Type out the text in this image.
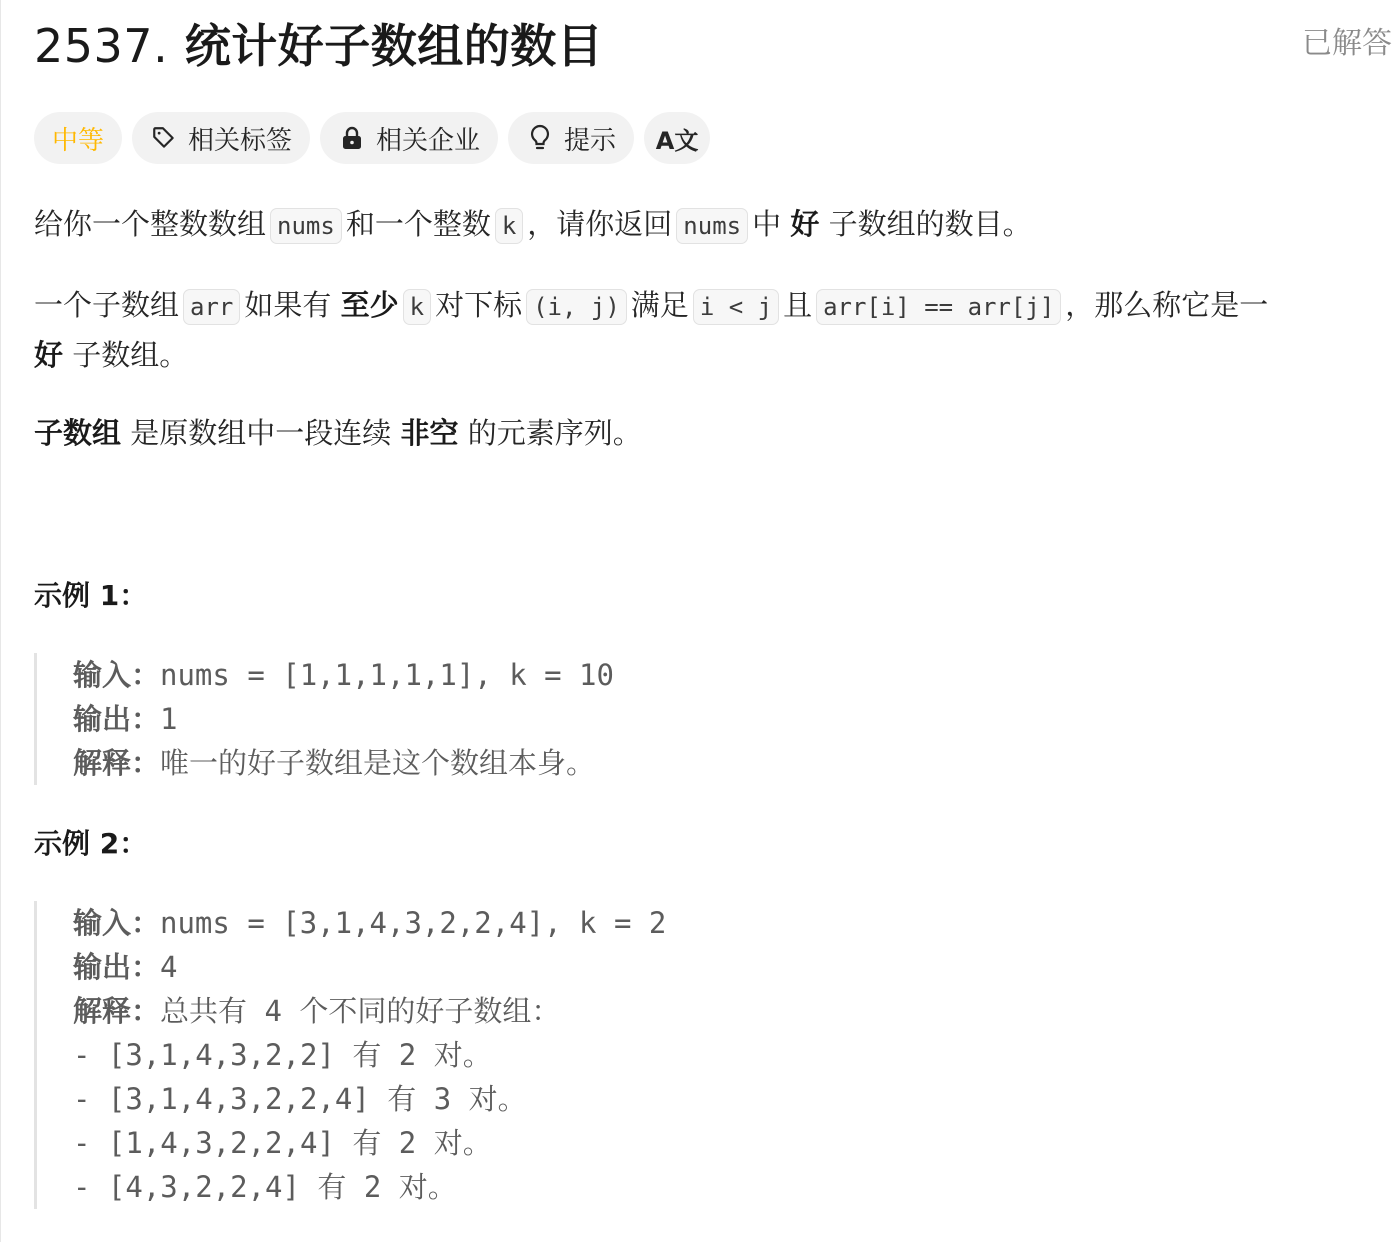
2537. 统计好子数组的数目	已解答
中等	相关标签	相关企业	提示 A文
给你一个整数数组 nums 和一个整数 k ，请你返回 nums 中 好 子数组的数目。
一个子数组 arr 如果有 至少 k 对下标 (i, j) 满足 i < j 且 arr[i] == arr[j] ，那么称它是一
好 子数组。
子数组 是原数组中一段连续 非空 的元素序列。
示例 1：
输入：nums = [1,1,1,1,1], k = 10
输出：1
解释：唯一的好子数组是这个数组本身。
示例 2：
输入：nums = [3,1,4,3,2,2,4], k = 2
输出：4
解释：总共有 4 个不同的好子数组：
- [3,1,4,3,2,2] 有 2 对。
- [3,1,4,3,2,2,4] 有 3 对。
- [1,4,3,2,2,4] 有 2 对。
- [4,3,2,2,4] 有 2 对。
